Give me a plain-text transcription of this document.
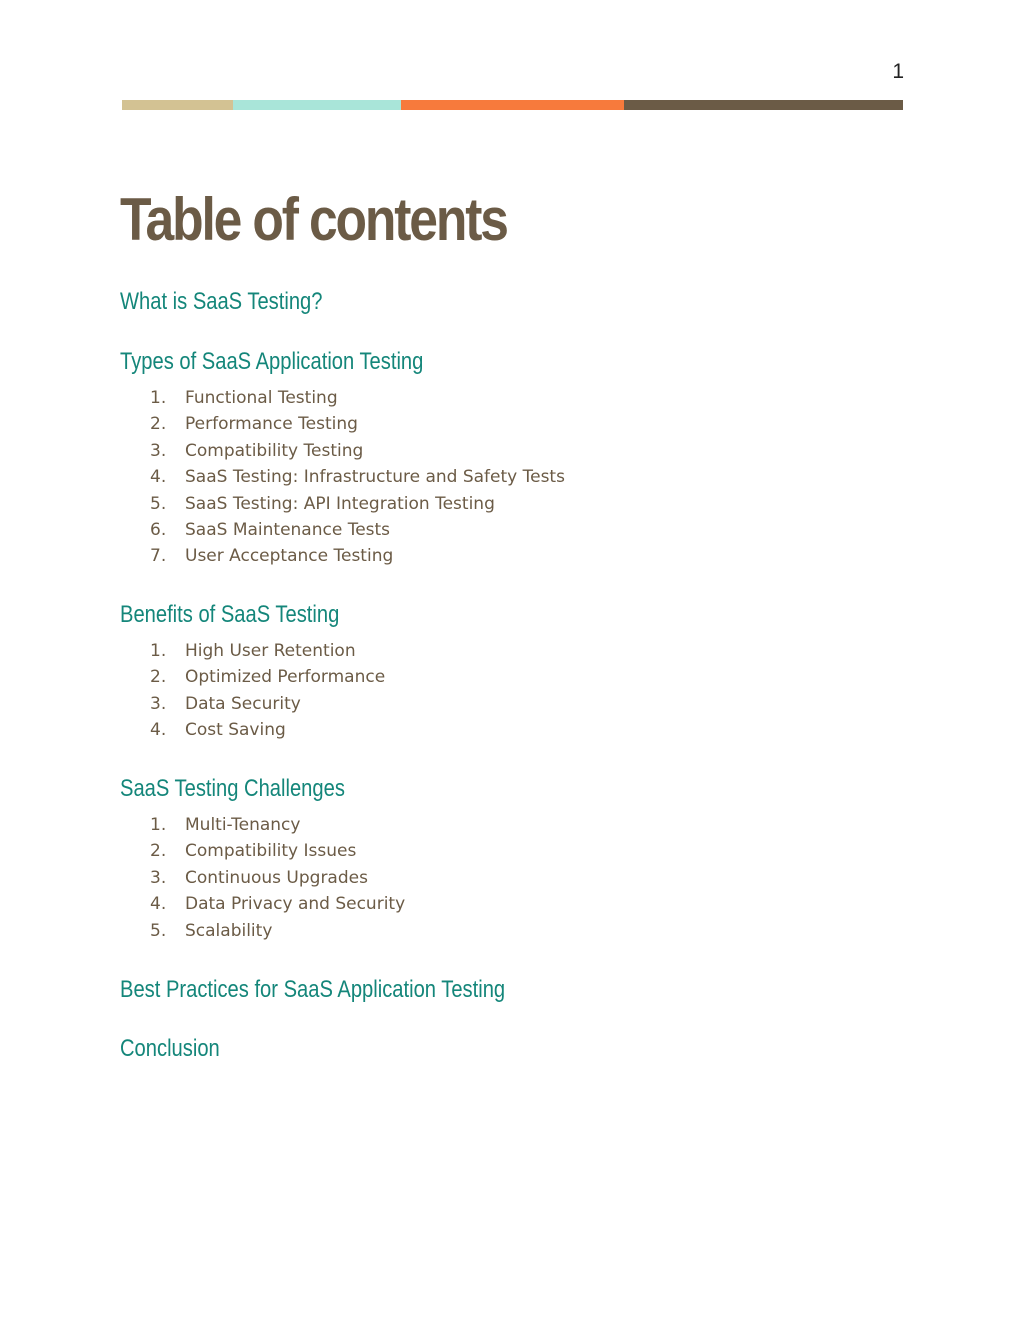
1
Table of contents
What is SaaS Testing?
Types of SaaS Application Testing
1. Functional Testing
2. Performance Testing
3. Compatibility Testing
4. SaaS Testing: Infrastructure and Safety Tests
5. SaaS Testing: API Integration Testing
6. SaaS Maintenance Tests
7. User Acceptance Testing
Benefits of SaaS Testing
1. High User Retention
2. Optimized Performance
3. Data Security
4. Cost Saving
SaaS Testing Challenges
1. Multi-Tenancy
2. Compatibility Issues
3. Continuous Upgrades
4. Data Privacy and Security
5. Scalability
Best Practices for SaaS Application Testing
Conclusion
